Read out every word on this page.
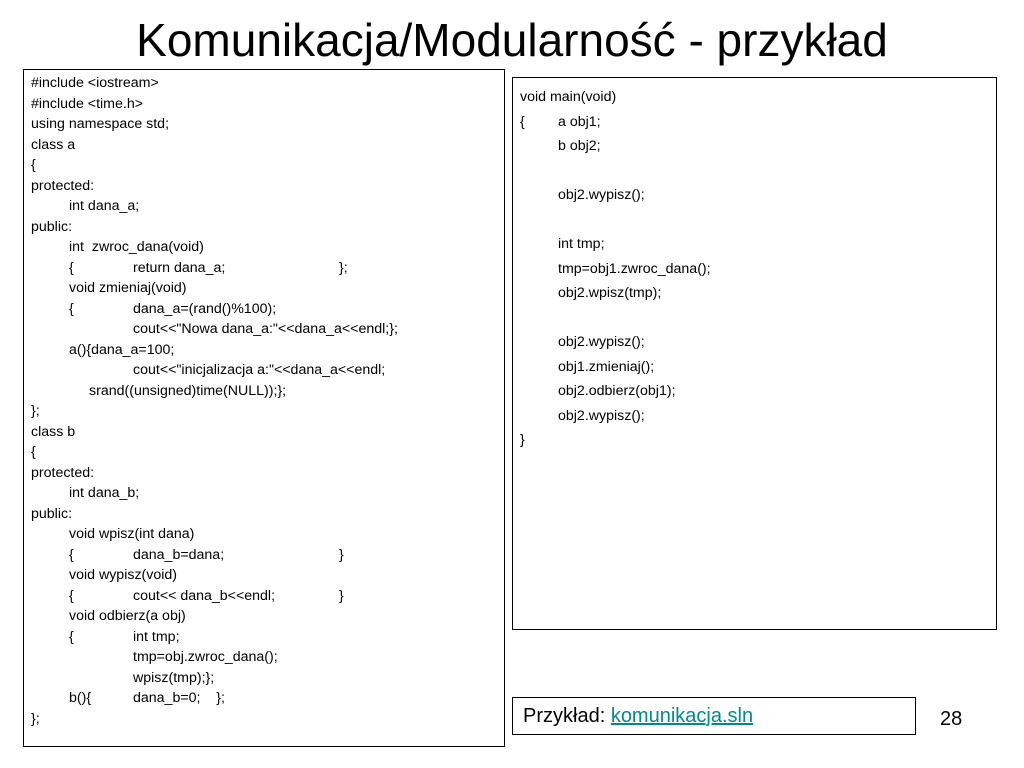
Komunikacja/Modularność - przykład
#include <iostream>
#include <time.h>
using namespace std;
class a
{
protected:
int dana_a;
public:
int  zwroc_dana(void)
{	return dana_a;	};
void zmieniaj(void)
{	dana_a=(rand()%100);
cout<<"Nowa dana_a:"<<dana_a<<endl;};
a(){dana_a=100;
cout<<"inicjalizacja a:"<<dana_a<<endl;
srand((unsigned)time(NULL));};
};
class b
{
protected:
int dana_b;
public:
void wpisz(int dana)
{	dana_b=dana;	}
void wypisz(void)
{	cout<< dana_b<<endl;	}
void odbierz(a obj)
{	int tmp;
tmp=obj.zwroc_dana();
wpisz(tmp);};
b(){	dana_b=0;    };
};
void main(void)
{ a obj1;
b obj2;
obj2.wypisz();
int tmp;
tmp=obj1.zwroc_dana();
obj2.wpisz(tmp);
obj2.wypisz();
obj1.zmieniaj();
obj2.odbierz(obj1);
obj2.wypisz();
}
Przykład: komunikacja.sln	28
